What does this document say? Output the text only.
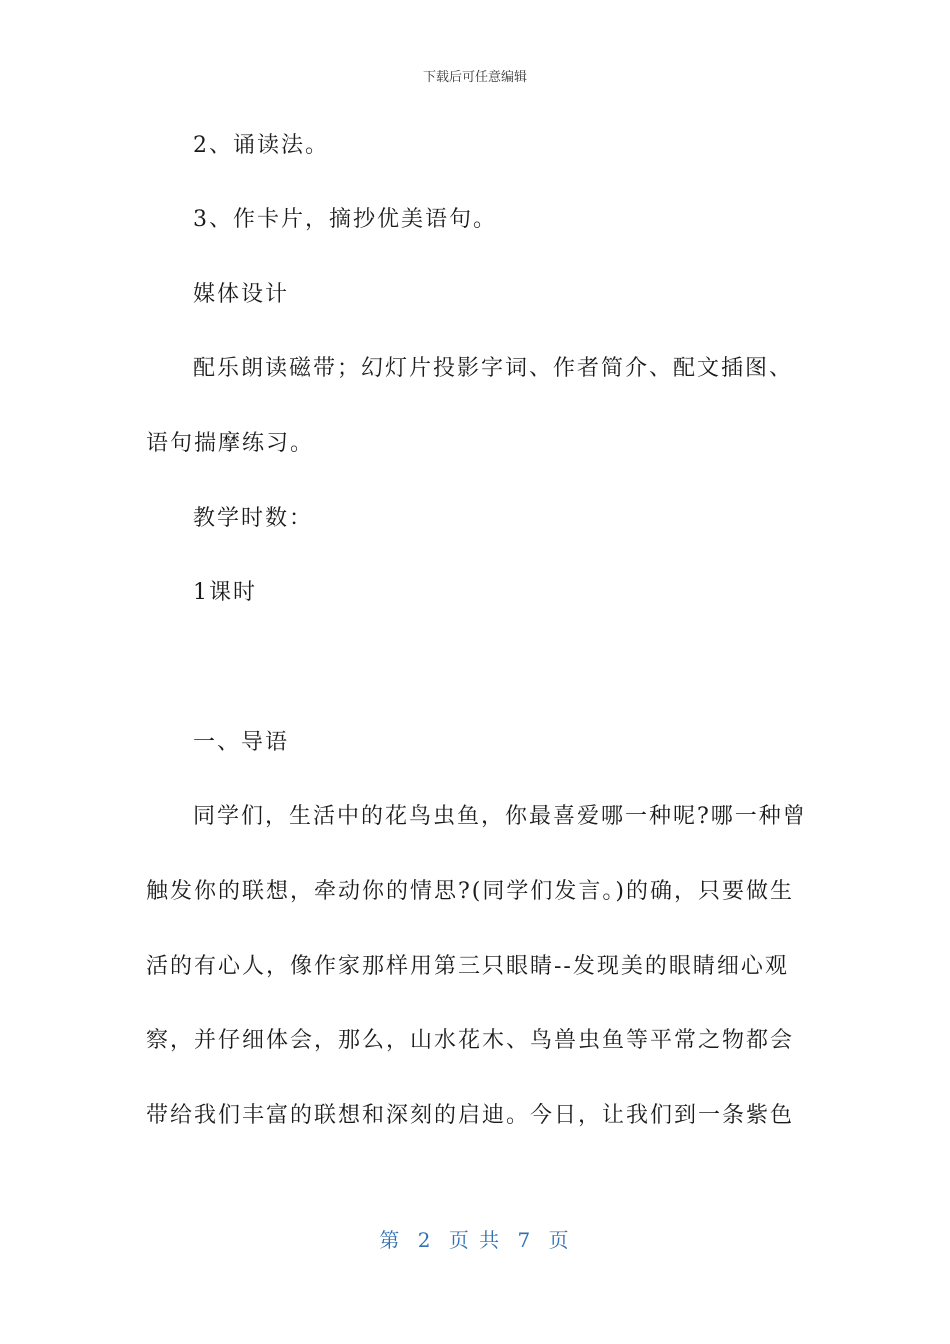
下载后可任意编辑
2、诵读法。
3、作卡片，摘抄优美语句。
媒体设计
配乐朗读磁带；幻灯片投影字词、作者简介、配文插图、
语句揣摩练习。
教学时数：
1课时
一、导语
同学们，生活中的花鸟虫鱼，你最喜爱哪一种呢?哪一种曾
触发你的联想，牵动你的情思?(同学们发言。)的确，只要做生
活的有心人，像作家那样用第三只眼睛--发现美的眼睛细心观
察，并仔细体会，那么，山水花木、鸟兽虫鱼等平常之物都会
带给我们丰富的联想和深刻的启迪。今日，让我们到一条紫色
第 2 页 共 7 页
